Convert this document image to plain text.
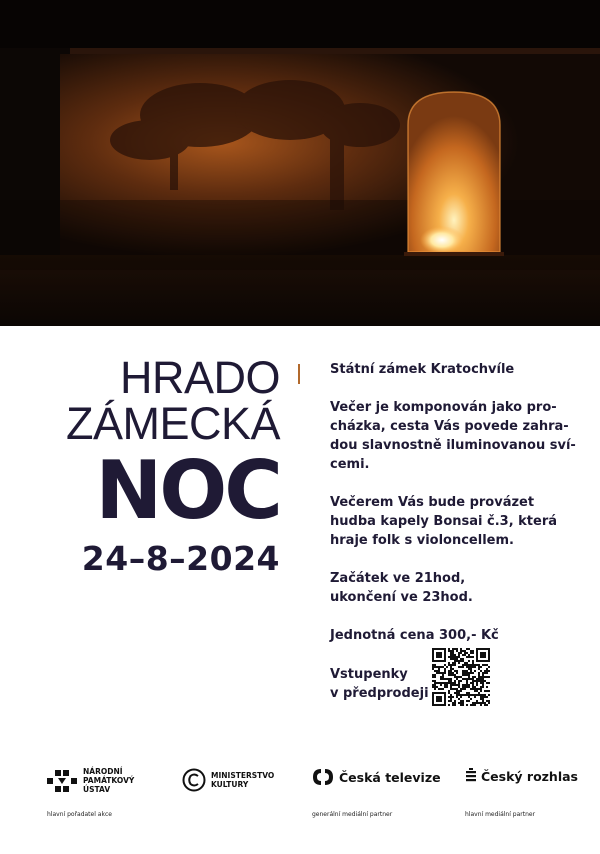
HRADO
ZÁMECKÁ
NOC
24–8–2024

Státní zámek Kratochvíle

Večer je komponován jako pro-
cházka, cesta Vás povede zahra-
dou slavnostně iluminovanou sví-
cemi.

Večerem Vás bude provázet
hudba kapely Bonsai č.3, která
hraje folk s violoncellem.

Začátek ve 21hod,
ukončení ve 23hod.

Jednotná cena 300,- Kč

Vstupenky
v předprodeji
NÁRODNÍ
PAMÁTKOVÝ
ÚSTAV
MINISTERSTVO
KULTURY	Česká televize	Český rozhlas
hlavní pořadatel akce	generální mediální partner	hlavní mediální partner
